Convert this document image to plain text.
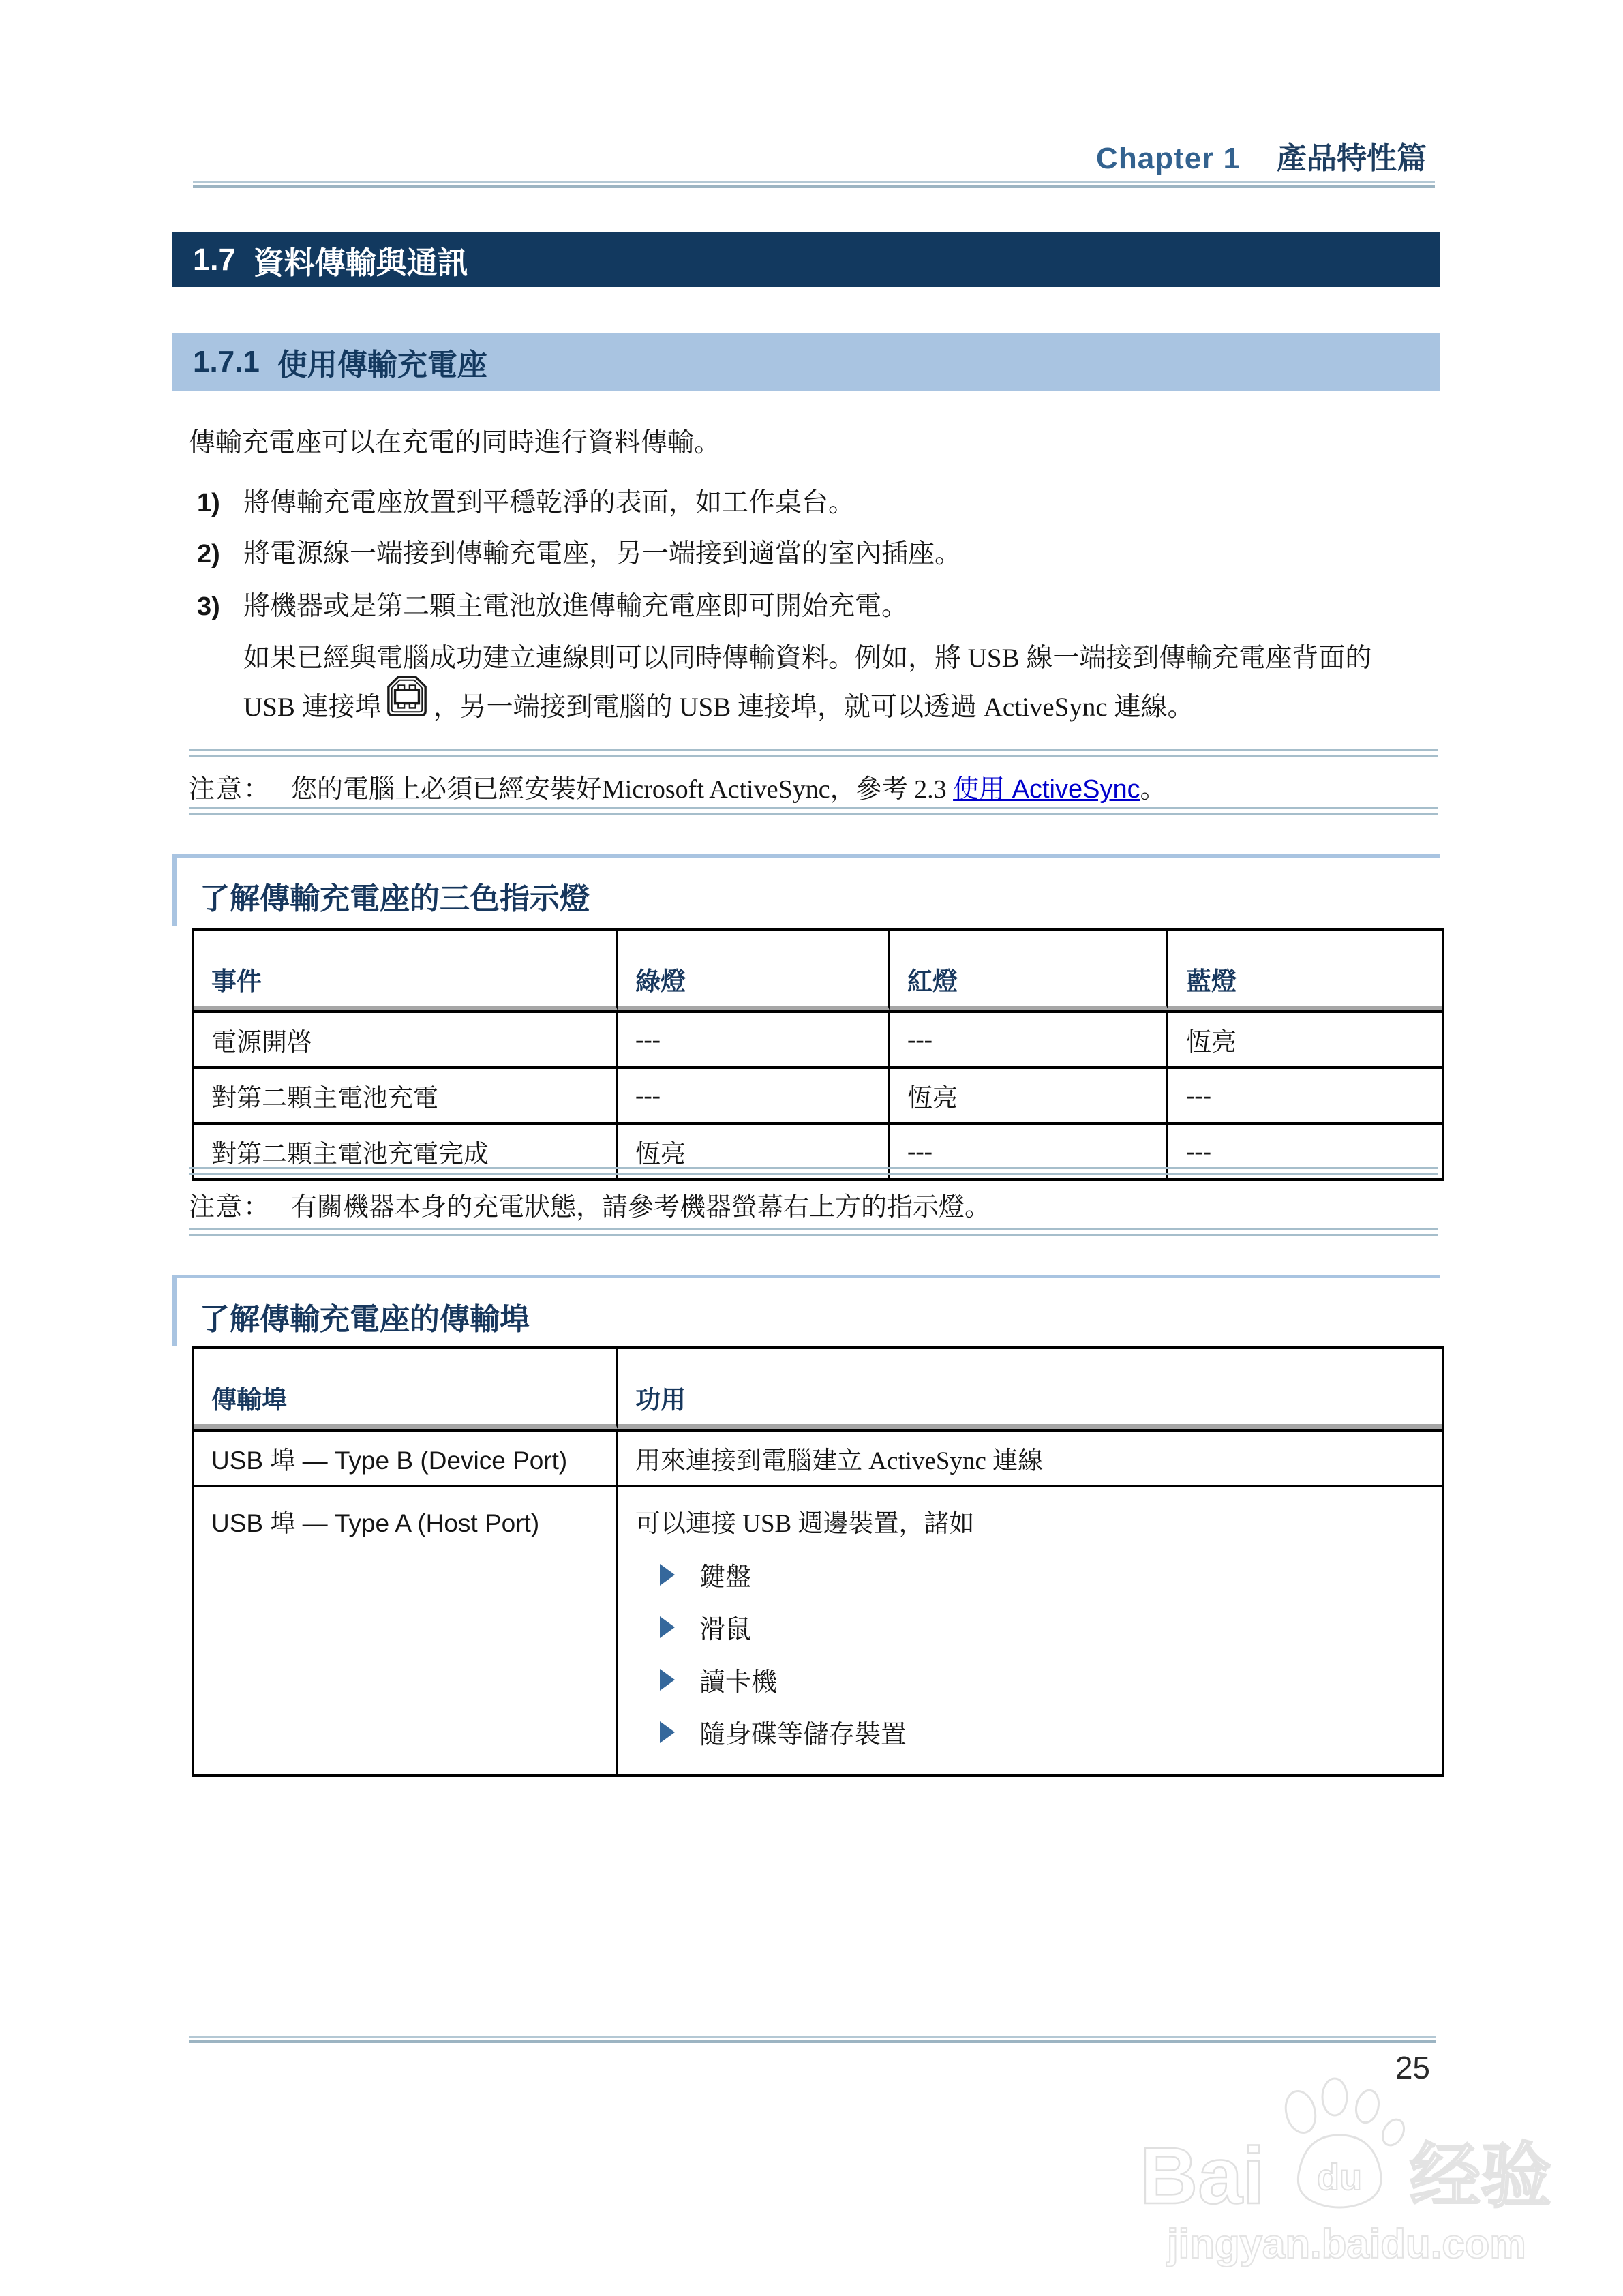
Chapter 1 產品特性篇
1.7 資料傳輸與通訊
1.7.1 使用傳輸充電座
傳輸充電座可以在充電的同時進行資料傳輸。
1) 將傳輸充電座放置到平穩乾淨的表面，如工作桌台。
2) 將電源線一端接到傳輸充電座，另一端接到適當的室內插座。
3) 將機器或是第二顆主電池放進傳輸充電座即可開始充電。
如果已經與電腦成功建立連線則可以同時傳輸資料。例如，將 USB 線一端接到傳輸充電座背面的
USB 連接埠 ，另一端接到電腦的 USB 連接埠，就可以透過 ActiveSync 連線。
注意： 您的電腦上必須已經安裝好Microsoft ActiveSync，參考 2.3 使用 ActiveSync。
了解傳輸充電座的三色指示燈
事件	綠燈	紅燈	藍燈
電源開啓	---	---	恆亮
對第二顆主電池充電	---	恆亮	---
對第二顆主電池充電完成	恆亮	---	---
注意： 有關機器本身的充電狀態，請參考機器螢幕右上方的指示燈。
了解傳輸充電座的傳輸埠
傳輸埠	功用
USB 埠 — Type B (Device Port)	用來連接到電腦建立 ActiveSync 連線
USB 埠 — Type A (Host Port)	可以連接 USB 週邊裝置，諸如
鍵盤
滑鼠
讀卡機
隨身碟等儲存裝置
Bai du 经验
jingyan.baidu.com
25
